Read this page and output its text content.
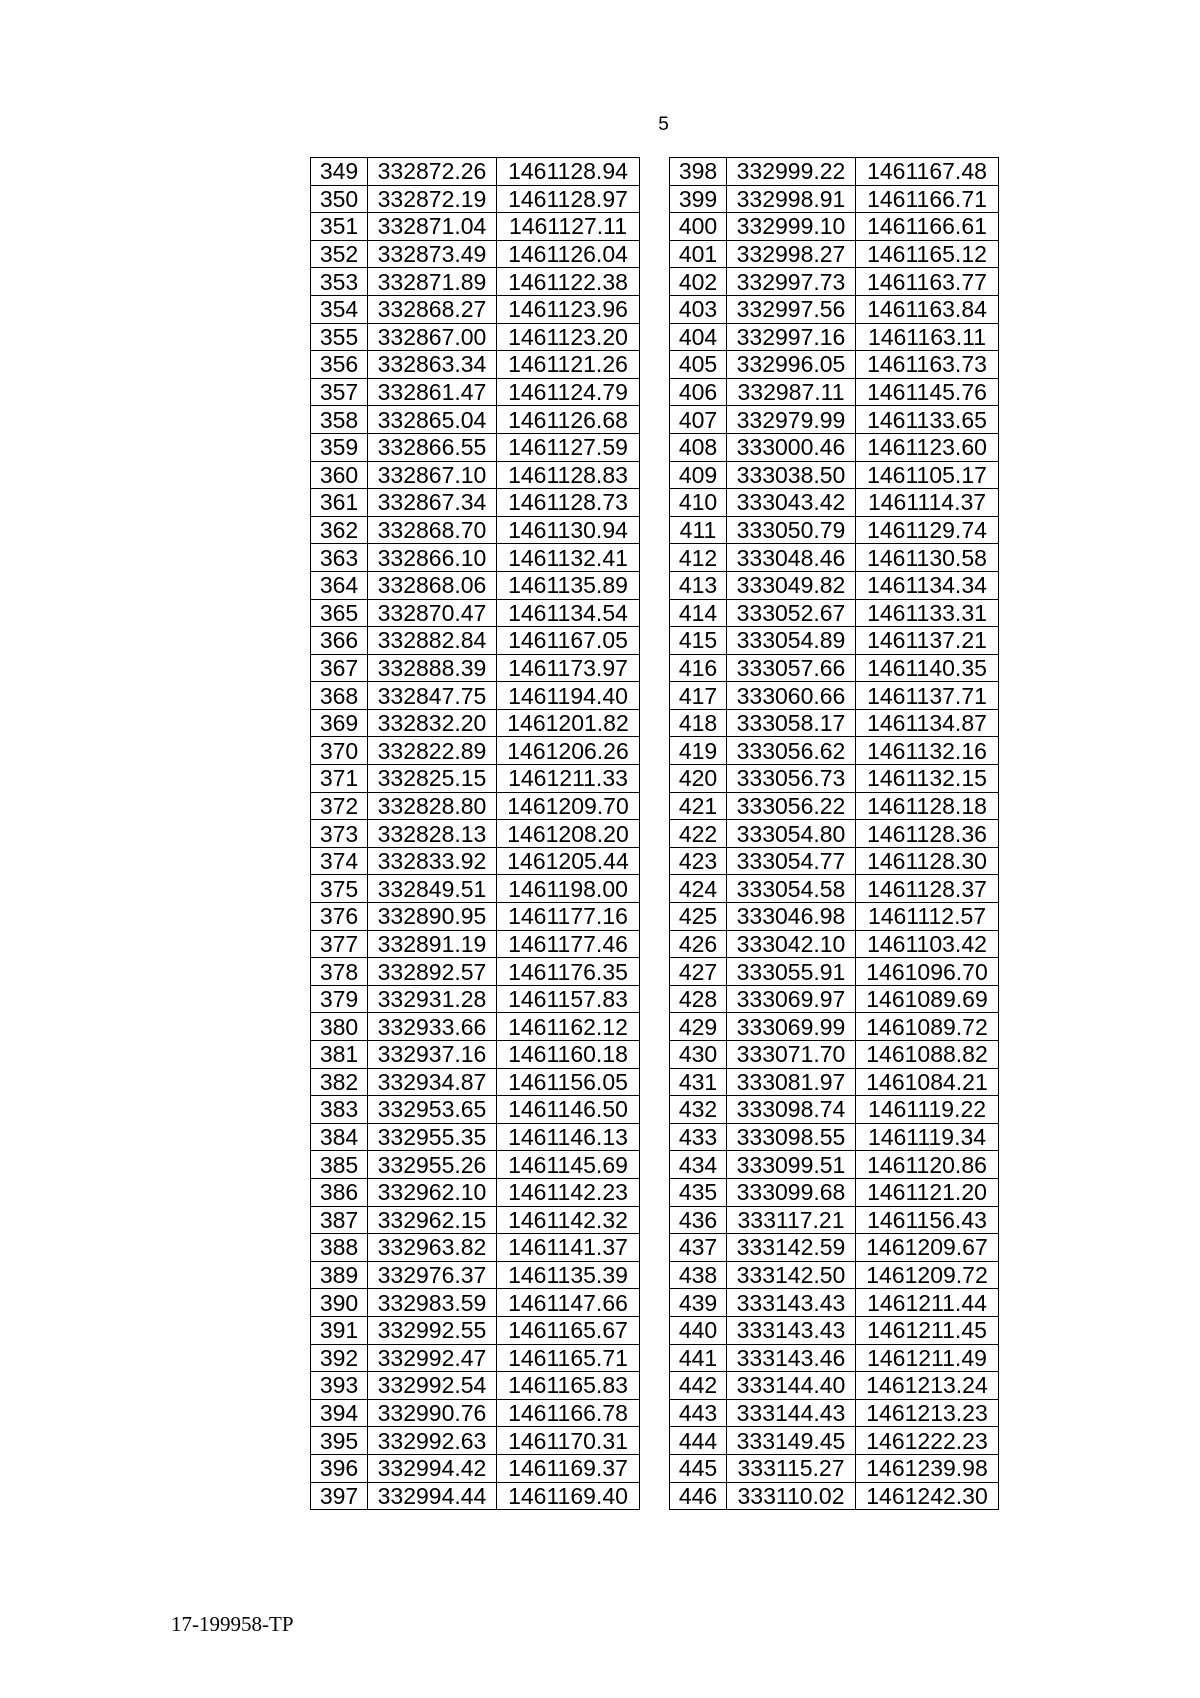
5
349	332872.26	1461128.94
350	332872.19	1461128.97
351	332871.04	1461127.11
352	332873.49	1461126.04
353	332871.89	1461122.38
354	332868.27	1461123.96
355	332867.00	1461123.20
356	332863.34	1461121.26
357	332861.47	1461124.79
358	332865.04	1461126.68
359	332866.55	1461127.59
360	332867.10	1461128.83
361	332867.34	1461128.73
362	332868.70	1461130.94
363	332866.10	1461132.41
364	332868.06	1461135.89
365	332870.47	1461134.54
366	332882.84	1461167.05
367	332888.39	1461173.97
368	332847.75	1461194.40
369	332832.20	1461201.82
370	332822.89	1461206.26
371	332825.15	1461211.33
372	332828.80	1461209.70
373	332828.13	1461208.20
374	332833.92	1461205.44
375	332849.51	1461198.00
376	332890.95	1461177.16
377	332891.19	1461177.46
378	332892.57	1461176.35
379	332931.28	1461157.83
380	332933.66	1461162.12
381	332937.16	1461160.18
382	332934.87	1461156.05
383	332953.65	1461146.50
384	332955.35	1461146.13
385	332955.26	1461145.69
386	332962.10	1461142.23
387	332962.15	1461142.32
388	332963.82	1461141.37
389	332976.37	1461135.39
390	332983.59	1461147.66
391	332992.55	1461165.67
392	332992.47	1461165.71
393	332992.54	1461165.83
394	332990.76	1461166.78
395	332992.63	1461170.31
396	332994.42	1461169.37
397	332994.44	1461169.40
398	332999.22	1461167.48
399	332998.91	1461166.71
400	332999.10	1461166.61
401	332998.27	1461165.12
402	332997.73	1461163.77
403	332997.56	1461163.84
404	332997.16	1461163.11
405	332996.05	1461163.73
406	332987.11	1461145.76
407	332979.99	1461133.65
408	333000.46	1461123.60
409	333038.50	1461105.17
410	333043.42	1461114.37
411	333050.79	1461129.74
412	333048.46	1461130.58
413	333049.82	1461134.34
414	333052.67	1461133.31
415	333054.89	1461137.21
416	333057.66	1461140.35
417	333060.66	1461137.71
418	333058.17	1461134.87
419	333056.62	1461132.16
420	333056.73	1461132.15
421	333056.22	1461128.18
422	333054.80	1461128.36
423	333054.77	1461128.30
424	333054.58	1461128.37
425	333046.98	1461112.57
426	333042.10	1461103.42
427	333055.91	1461096.70
428	333069.97	1461089.69
429	333069.99	1461089.72
430	333071.70	1461088.82
431	333081.97	1461084.21
432	333098.74	1461119.22
433	333098.55	1461119.34
434	333099.51	1461120.86
435	333099.68	1461121.20
436	333117.21	1461156.43
437	333142.59	1461209.67
438	333142.50	1461209.72
439	333143.43	1461211.44
440	333143.43	1461211.45
441	333143.46	1461211.49
442	333144.40	1461213.24
443	333144.43	1461213.23
444	333149.45	1461222.23
445	333115.27	1461239.98
446	333110.02	1461242.30
17-199958-TP
